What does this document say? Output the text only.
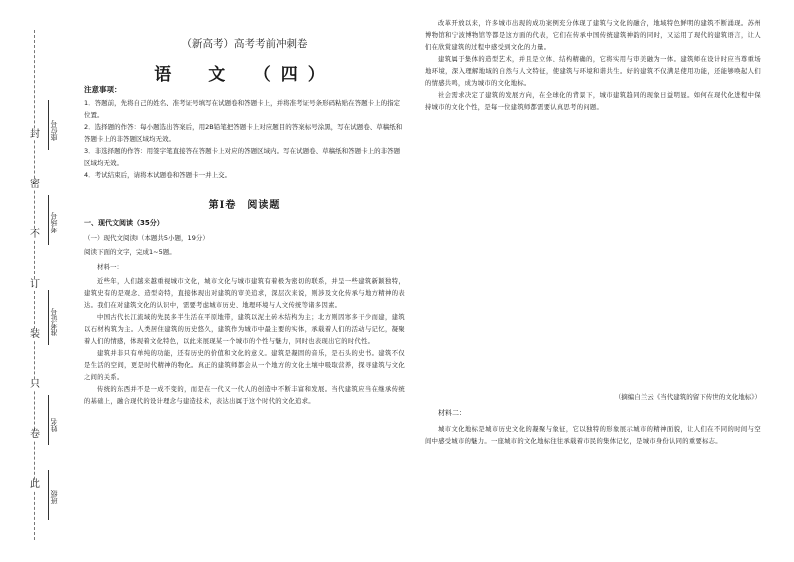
封
密
不
订
装
只
卷
此
座位号
考场号
准考证号
姓名
班级
（新高考）高考考前冲刺卷
语　文　（四）
注意事项：

1．答题前，先将自己的姓名、准考证号填写在试题卷和答题卡上，并将准考证号条形码粘贴在答题卡上的指定位置。

2．选择题的作答：每小题选出答案后，用2B铅笔把答题卡上对应题目的答案标号涂黑，写在试题卷、草稿纸和答题卡上的非答题区域均无效。

3．非选择题的作答：用签字笔直接答在答题卡上对应的答题区域内。写在试题卷、草稿纸和答题卡上的非答题区域均无效。

4．考试结束后，请将本试题卷和答题卡一并上交。

第Ⅰ卷　阅读题
一、现代文阅读（35分）
（一）现代文阅读Ⅰ（本题共5小题，19分）
阅读下面的文字，完成1~5题。
材料一：

近些年，人们越来越重视城市文化，城市文化与城市建筑有着极为密切的联系，并呈一些建筑新颖独特，建筑史有的是观念、造型奇特，直接体现出对建筑的审美追求，深层次来说，则涉及文化传承与地方精神的表达。我们在对建筑文化的认识中，需要考虑城市历史、地理环境与人文传统等诸多因素。

中国古代长江流域的先民多半生活在平原地带，建筑以泥土砖木结构为主；北方则因寒多干少而建，建筑以石材构筑为主。人类居住建筑的历史悠久，建筑作为城市中最主要的实体，承载着人们的活动与记忆，凝聚着人们的情感，体现着文化特色，以此来展现某一个城市的个性与魅力，同时也表现出它的时代性。

建筑并非只有单纯的功能，还有历史的价值和文化的意义。建筑是凝固的音乐，是石头的史书。建筑不仅是生活的空间，更是时代精神的物化。真正的建筑师都会从一个地方的文化土壤中吸取营养，探寻建筑与文化之间的关系。

传统的东西并不是一成不变的，而是在一代又一代人的创造中不断丰富和发展。当代建筑应当在继承传统的基础上，融合现代的设计理念与建造技术，表达出属于这个时代的文化追求。

改革开放以来，许多城市出现的成功案例充分体现了建筑与文化的融合，地域特色鲜明的建筑不断涌现。苏州博物馆和宁波博物馆等都是这方面的代表，它们在传承中国传统建筑神韵的同时，又运用了现代的建筑语言，让人们在欣赏建筑的过程中感受到文化的力量。

建筑属于集体的造型艺术，并且是立体、结构精确的，它将实用与审美融为一体。建筑师在设计时应当尊重场地环境，深入理解地域的自然与人文特征，使建筑与环境和谐共生。好的建筑不仅满足使用功能，还能够唤起人们的情感共鸣，成为城市的文化地标。

社会需求决定了建筑的发展方向，在全球化的背景下，城市建筑趋同的现象日益明显。如何在现代化进程中保持城市的文化个性，是每一位建筑师都需要认真思考的问题。

（摘编自兰云《当代建筑的留下传世的文化地标》）
材料二：

城市文化地标是城市历史文化的凝聚与象征，它以独特的形象展示城市的精神面貌，让人们在不同的时间与空间中感受城市的魅力。一座城市的文化地标往往承载着市民的集体记忆，是城市身份认同的重要标志。
